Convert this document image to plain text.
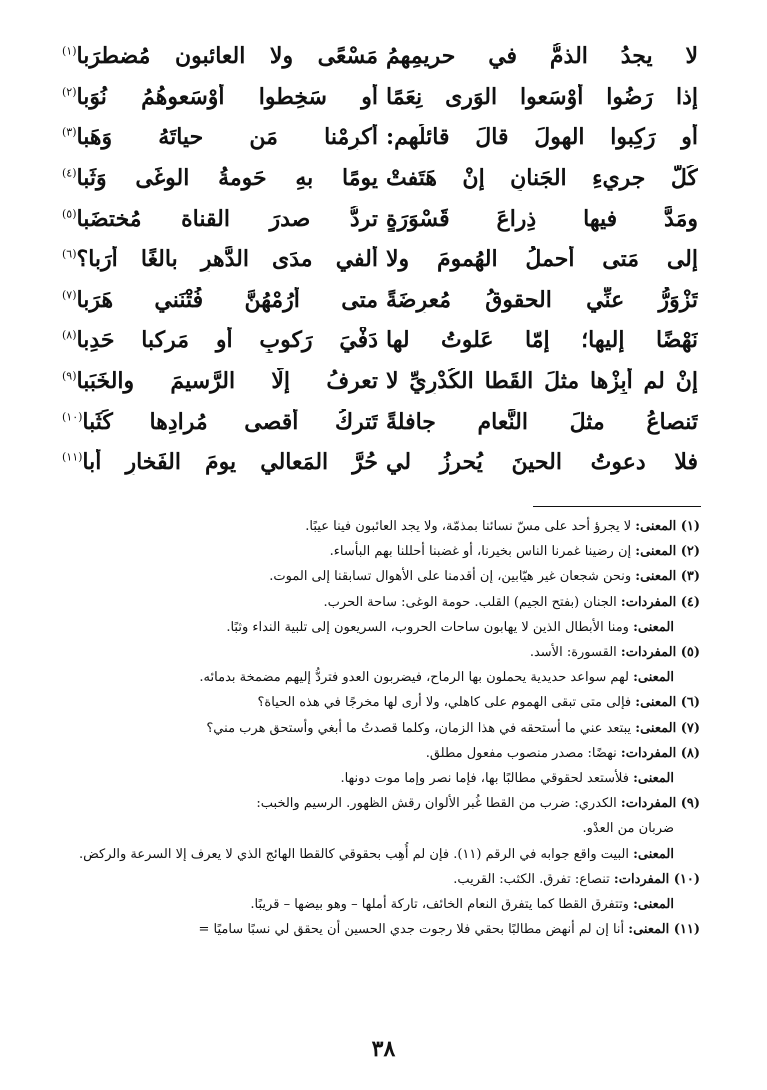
لا يجدُ الذمُّ في حريمِهِمُ
مَسْعًى ولا العائبون مُضطرَبا$^{(١)}$
إذا رَضُوا أَوْسَعوا الوَرى نِعَمًا
أو سَخِطوا أَوْسَعوهُمُ نُوَبا$^{(٢)}$
أو رَكِبوا الهولَ قالَ قائلُهم:
أكرِمْنا مَن حياتَهُ وَهَبا$^{(٣)}$
كُلُّ جريءِ الجَنانِ إنْ هَتَفتْ
يومًا بهِ حَومةُ الوغَى وَثَبا$^{(٤)}$
ومَدَّ فيها ذِراعَ قَسْوَرَةٍ
تردُّ صدرَ القناة مُختضَبا$^{(٥)}$
إلى مَتى أحملُ الهُمومَ ولا
أُلفي مدَى الدَّهرِ بالغًا أرَبا؟$^{(٦)}$
تَزْوَرُّ عنِّي الحقوقُ مُعرِضَةً
متى أرُمْهُنَّ فُتْنَني هَرَبا$^{(٧)}$
نَهْضًا إليها؛ إمّا عَلوتُ لها
دَفْيَ رَكوبٍ أو مَركبا حَدِبا$^{(٨)}$
إنْ لم أُبِزْها مثلَ القَطا الكُدْرِيِّ لا
تعرفُ إلّا الرَّسيمَ والخَبَبا$^{(٩)}$
تَنصاعُ مثلَ النَّعامِ جافلةً
تَتركُ أقصى مُرادِها كَثَبا$^{(١٠)}$
فلا دعوتُ الحينَ يُحرزُ لي
حُرَّ المَعالي يومَ الفَخارِ أبا$^{(١١)}$
(١) المعنى: لا يجرؤ أحد على مسّ نسائنا بمذمّة، ولا يجد العائبون فينا عيبًا.
(٢) المعنى: إن رضينا غمرنا الناس بخيرنا، أو غضبنا أحللنا بهم البأساء.
(٣) المعنى: ونحن شجعان غير هيّابين، إن أقدمنا على الأهوال تسابقنا إلى الموت.
(٤) المفردات: الجنان (بفتح الجيم) القلب. حومة الوغى: ساحة الحرب.
المعنى: ومنا الأبطال الذين لا يهابون ساحات الحروب، السريعون إلى تلبية النداء وثبًا.
(٥) المفردات: القسورة: الأسد.
المعنى: لهم سواعد حديدية يحملون بها الرماح، فيضربون العدو فتردُّ إليهم مضمخة بدمائه.
(٦) المعنى: فإلى متى تبقى الهموم على كاهلي، ولا أرى لها مخرجًا في هذه الحياة؟
(٧) المعنى: يبتعد عني ما أستحقه في هذا الزمان، وكلما قصدتُ ما أبغي وأستحق هرب مني؟
(٨) المفردات: نهضًا: مصدر منصوب مفعول مطلق.
المعنى: فلأستعد لحقوقي مطالبًا بها، فإما نصر وإما موت دونها.
(٩) المفردات: الكدري: ضرب من القطا غُبر الألوان رقش الظهور. الرسيم والخبب:
ضربان من العدْو.
المعنى: البيت واقع جوابه في الرقم (١١). فإن لم أُهِب بحقوقي كالقطا الهائج الذي لا يعرف إلا السرعة والركض.
(١٠) المفردات: تنصاع: تفرق. الكثب: القريب.
المعنى: وتتفرق القطا كما يتفرق النعام الخائف، تاركة أملها – وهو بيضها – قريبًا.
(١١) المعنى: أنا إن لم أنهض مطالبًا بحقي فلا رجوت جدي الحسين أن يحقق لي نسبًا ساميًا =
٣٨
